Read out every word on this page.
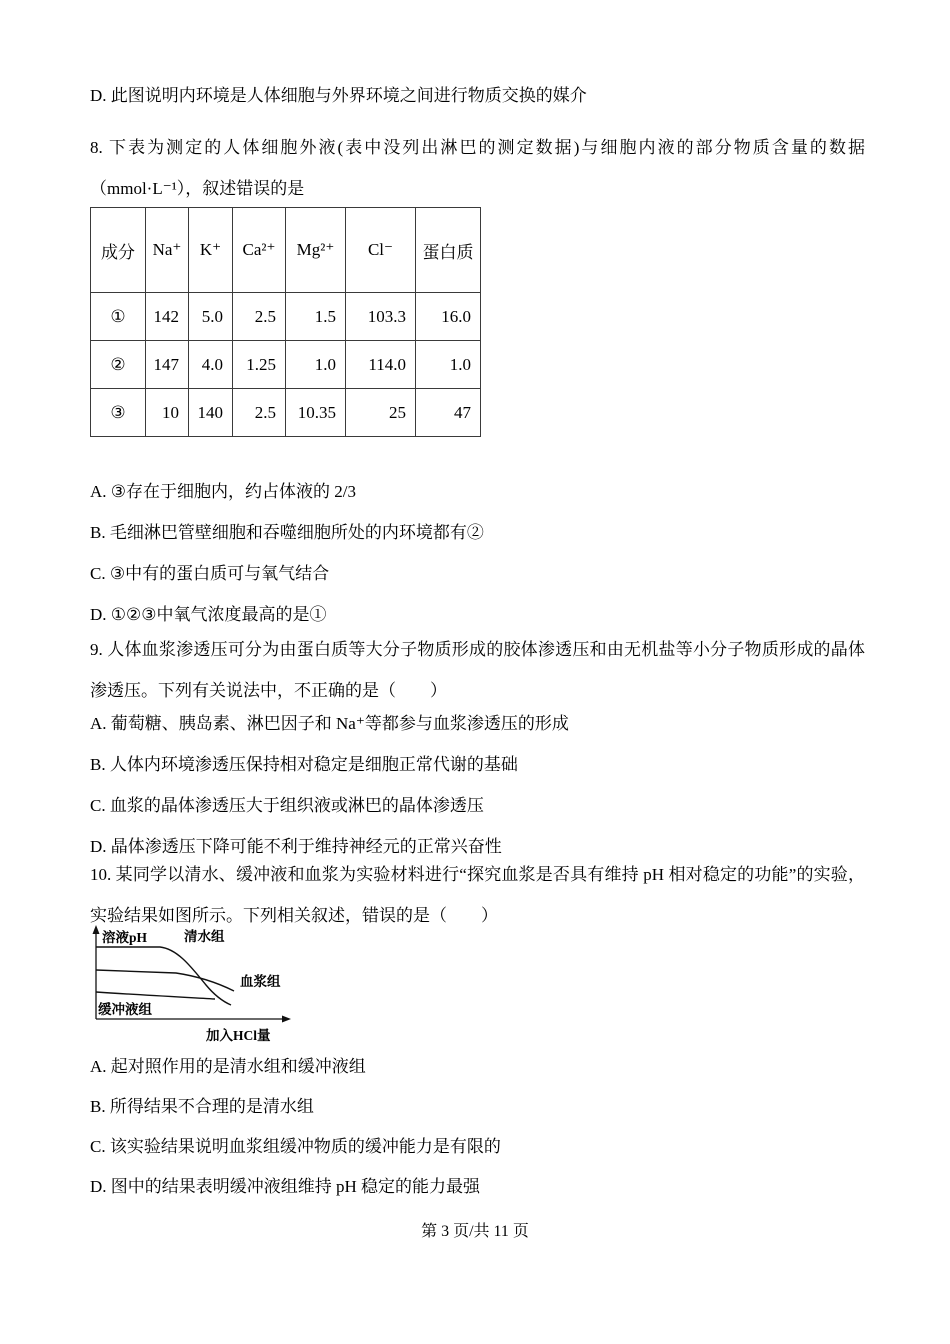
D. 此图说明内环境是人体细胞与外界环境之间进行物质交换的媒介
8. 下表为测定的人体细胞外液(表中没列出淋巴的测定数据)与细胞内液的部分物质含量的数据（mmol·L⁻¹），叙述错误的是
成分	Na⁺	K⁺	Ca²⁺	Mg²⁺	Cl⁻	蛋白质
①	142	5.0	2.5	1.5	103.3	16.0
②	147	4.0	1.25	1.0	114.0	1.0
③	10	140	2.5	10.35	25	47
A. ③存在于细胞内，约占体液的 2/3
B. 毛细淋巴管壁细胞和吞噬细胞所处的内环境都有②
C. ③中有的蛋白质可与氧气结合
D. ①②③中氧气浓度最高的是①
9. 人体血浆渗透压可分为由蛋白质等大分子物质形成的胶体渗透压和由无机盐等小分子物质形成的晶体渗透压。下列有关说法中，不正确的是（　　）
A. 葡萄糖、胰岛素、淋巴因子和 Na⁺等都参与血浆渗透压的形成
B. 人体内环境渗透压保持相对稳定是细胞正常代谢的基础
C. 血浆的晶体渗透压大于组织液或淋巴的晶体渗透压
D. 晶体渗透压下降可能不利于维持神经元的正常兴奋性
10. 某同学以清水、缓冲液和血浆为实验材料进行“探究血浆是否具有维持 pH 相对稳定的功能”的实验，实验结果如图所示。下列相关叙述，错误的是（　　）
溶液pH	清水组
血浆组
缓冲液组
加入HCl量
A. 起对照作用的是清水组和缓冲液组
B. 所得结果不合理的是清水组
C. 该实验结果说明血浆组缓冲物质的缓冲能力是有限的
D. 图中的结果表明缓冲液组维持 pH 稳定的能力最强
第 3 页/共 11 页
